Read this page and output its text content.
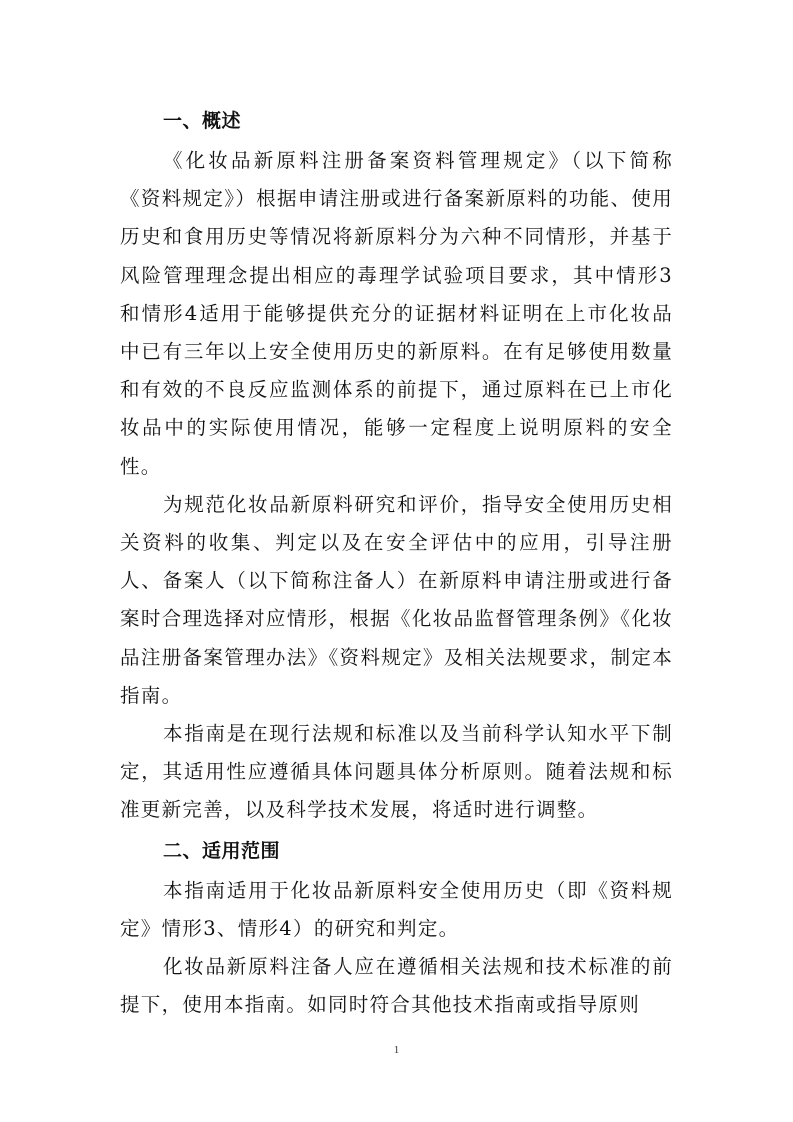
一、概述

《化妆品新原料注册备案资料管理规定》（以下简称《资料规定》）根据申请注册或进行备案新原料的功能、使用历史和食用历史等情况将新原料分为六种不同情形，并基于风险管理理念提出相应的毒理学试验项目要求，其中情形3和情形4适用于能够提供充分的证据材料证明在上市化妆品中已有三年以上安全使用历史的新原料。在有足够使用数量和有效的不良反应监测体系的前提下，通过原料在已上市化妆品中的实际使用情况，能够一定程度上说明原料的安全性。

为规范化妆品新原料研究和评价，指导安全使用历史相关资料的收集、判定以及在安全评估中的应用，引导注册人、备案人（以下简称注备人）在新原料申请注册或进行备案时合理选择对应情形，根据《化妆品监督管理条例》《化妆品注册备案管理办法》《资料规定》及相关法规要求，制定本指南。

本指南是在现行法规和标准以及当前科学认知水平下制定，其适用性应遵循具体问题具体分析原则。随着法规和标准更新完善，以及科学技术发展，将适时进行调整。

二、适用范围

本指南适用于化妆品新原料安全使用历史（即《资料规定》情形3、情形4）的研究和判定。

化妆品新原料注备人应在遵循相关法规和技术标准的前提下，使用本指南。如同时符合其他技术指南或指导原则

1
